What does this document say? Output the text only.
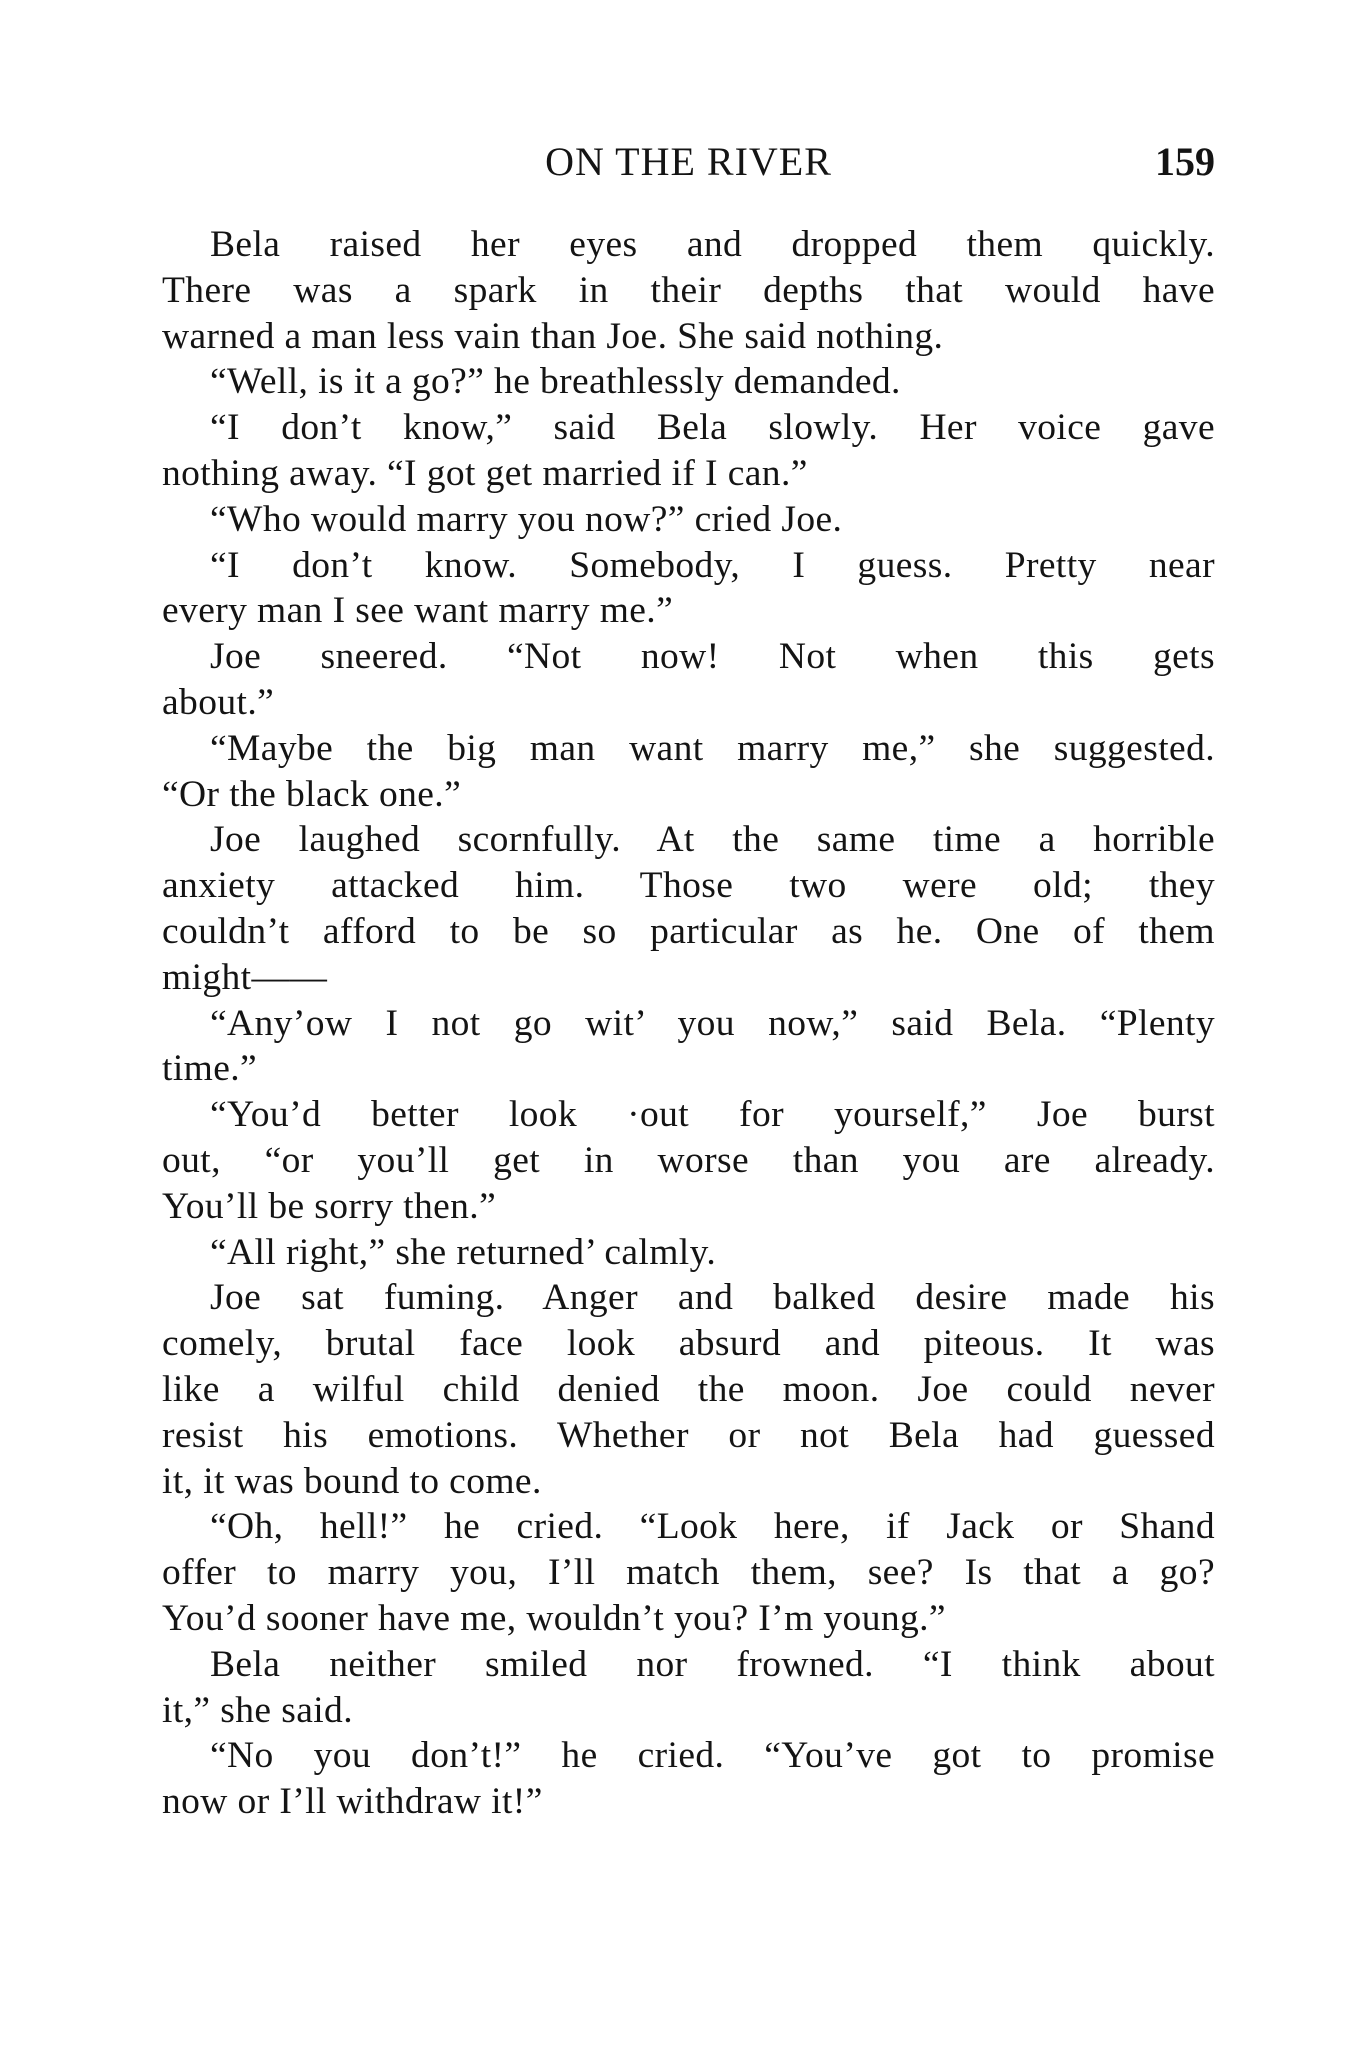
ON THE RIVER	159
Bela raised her eyes and dropped them quickly.
There was a spark in their depths that would have
warned a man less vain than Joe. She said nothing.
“Well, is it a go?” he breathlessly demanded.
“I don’t know,” said Bela slowly. Her voice gave
nothing away. “I got get married if I can.”
“Who would marry you now?” cried Joe.
“I don’t know. Somebody, I guess. Pretty near
every man I see want marry me.”
Joe sneered. “Not now! Not when this gets
about.”
“Maybe the big man want marry me,” she suggested.
“Or the black one.”
Joe laughed scornfully. At the same time a horrible
anxiety attacked him. Those two were old; they
couldn’t afford to be so particular as he. One of them
might——
“Any’ow I not go wit’ you now,” said Bela. “Plenty
time.”
“You’d better look ·out for yourself,” Joe burst
out, “or you’ll get in worse than you are already.
You’ll be sorry then.”
“All right,” she returned’ calmly.
Joe sat fuming. Anger and balked desire made his
comely, brutal face look absurd and piteous. It was
like a wilful child denied the moon. Joe could never
resist his emotions. Whether or not Bela had guessed
it, it was bound to come.
“Oh, hell!” he cried. “Look here, if Jack or Shand
offer to marry you, I’ll match them, see? Is that a go?
You’d sooner have me, wouldn’t you? I’m young.”
Bela neither smiled nor frowned. “I think about
it,” she said.
“No you don’t!” he cried. “You’ve got to promise
now or I’ll withdraw it!”
